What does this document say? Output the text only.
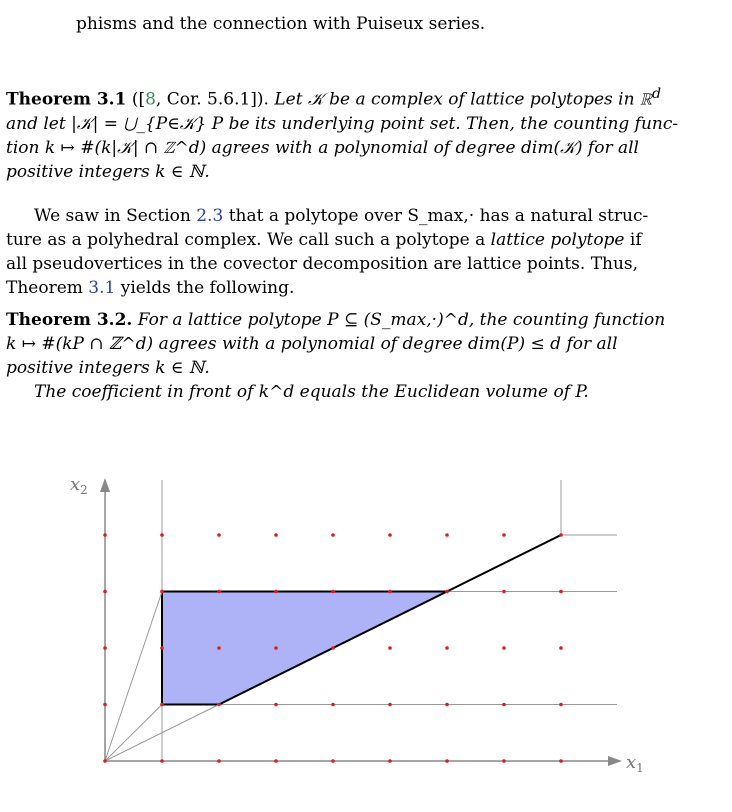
phisms and the connection with Puiseux series.
Theorem 3.1 ([8, Cor. 5.6.1]). Let 𝒦 be a complex of lattice polytopes in ℝ$^d$
and let |𝒦| = ⋃_{P∈𝒦} P be its underlying point set. Then, the counting func-
tion k ↦ #(k|𝒦| ∩ ℤ^d) agrees with a polynomial of degree dim(𝒦) for all
positive integers k ∈ ℕ.
We saw in Section 2.3 that a polytope over S_max,· has a natural struc-
ture as a polyhedral complex. We call such a polytope a lattice polytope if
all pseudovertices in the covector decomposition are lattice points. Thus,
Theorem 3.1 yields the following.
Theorem 3.2. For a lattice polytope P ⊆ (S_max,·)^d, the counting function
k ↦ #(kP ∩ ℤ^d) agrees with a polynomial of degree dim(P) ≤ d for all
positive integers k ∈ ℕ.
The coefficient in front of k^d equals the Euclidean volume of P.
$x_2$
$x_1$
